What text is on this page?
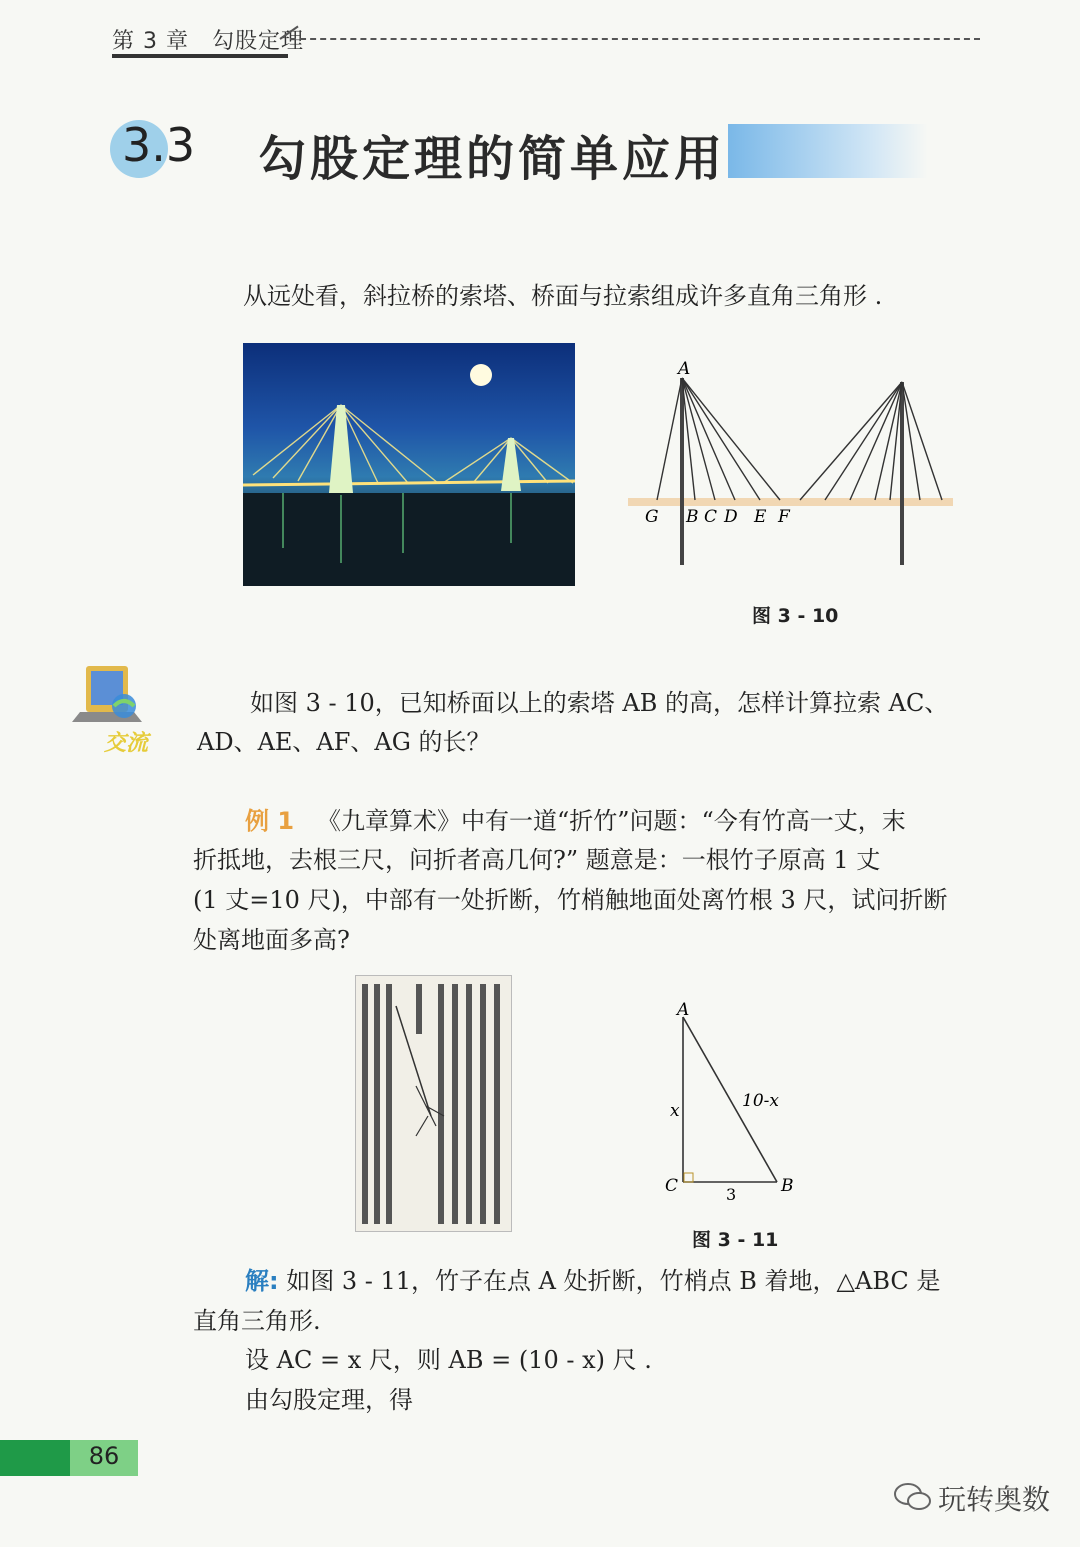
第 3 章　勾股定理
3.3 勾股定理的简单应用
从远处看，斜拉桥的索塔、桥面与拉索组成许多直角三角形 .
A
G B C D E F
图 3 - 10
交流
如图 3 - 10，已知桥面以上的索塔 AB 的高，怎样计算拉索 AC、
AD、AE、AF、AG 的长？
例 1 《九章算术》中有一道“折竹”问题：“今有竹高一丈，末
折抵地，去根三尺，问折者高几何?” 题意是：一根竹子原高 1 丈
(1 丈=10 尺)，中部有一处折断，竹梢触地面处离竹根 3 尺，试问折断
处离地面多高?
A
B
C
x	10-x
3
图 3 - 11
解: 如图 3 - 11，竹子在点 A 处折断，竹梢点 B 着地，△ABC 是
直角三角形.
设 AC = x 尺，则 AB = (10 - x) 尺 .
由勾股定理，得
86
玩转奥数
